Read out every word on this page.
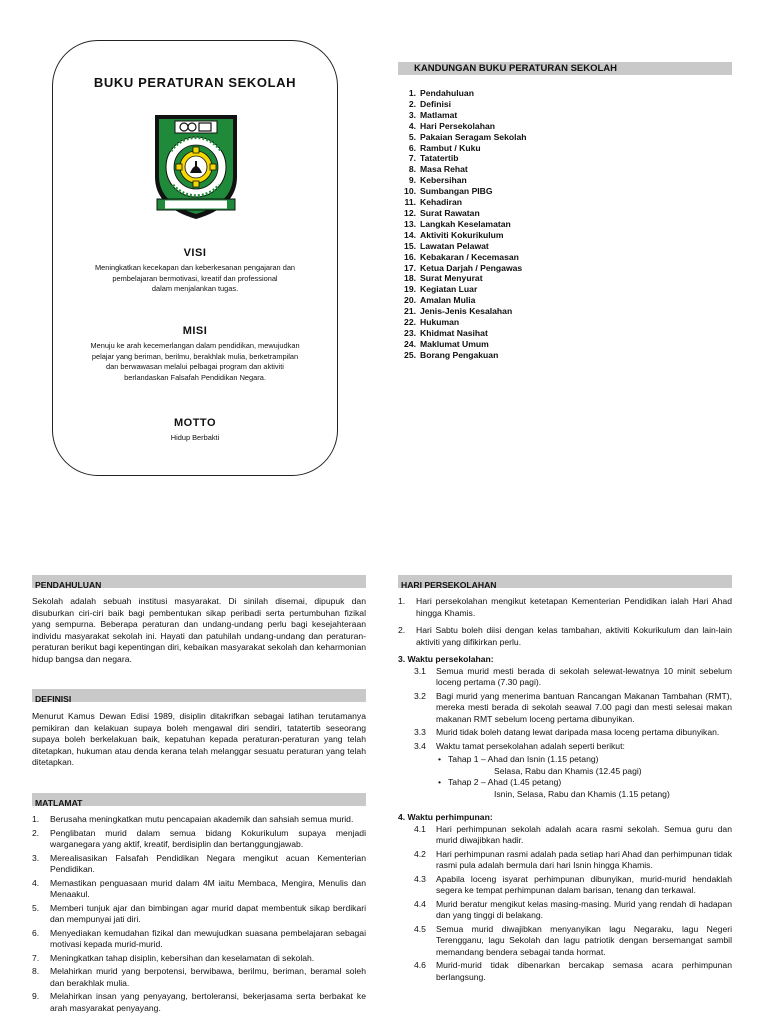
BUKU PERATURAN SEKOLAH
VISI
Meningkatkan kecekapan dan keberkesanan pengajaran dan
pembelajaran bermotivasi, kreatif dan professional
dalam menjalankan tugas.
MISI
Menuju ke arah kecemerlangan dalam pendidikan, mewujudkan
pelajar yang beriman, berilmu, berakhlak mulia, berketrampilan
dan berwawasan melalui pelbagai program dan aktiviti
berlandaskan Falsafah Pendidikan Negara.
MOTTO
Hidup Berbakti
KANDUNGAN BUKU PERATURAN SEKOLAH
1. Pendahuluan
2. Definisi
3. Matlamat
4. Hari Persekolahan
5. Pakaian Seragam Sekolah
6. Rambut / Kuku
7. Tatatertib
8. Masa Rehat
9. Kebersihan
10. Sumbangan PIBG
11. Kehadiran
12. Surat Rawatan
13. Langkah Keselamatan
14. Aktiviti Kokurikulum
15. Lawatan Pelawat
16. Kebakaran / Kecemasan
17. Ketua Darjah / Pengawas
18. Surat Menyurat
19. Kegiatan Luar
20. Amalan Mulia
21. Jenis-Jenis Kesalahan
22. Hukuman
23. Khidmat Nasihat
24. Maklumat Umum
25. Borang Pengakuan
PENDAHULUAN
Sekolah adalah sebuah institusi masyarakat. Di sinilah disemai, dipupuk dan disuburkan ciri-ciri baik bagi pembentukan sikap peribadi serta pertumbuhan fizikal yang sempurna. Beberapa peraturan dan undang-undang perlu bagi kesejahteraan individu masyarakat sekolah ini. Hayati dan patuhilah undang-undang dan peraturan-peraturan berikut bagi kepentingan diri, kebaikan masyarakat sekolah dan keharmonian hidup bangsa dan negara.
DEFINISI
Menurut Kamus Dewan Edisi 1989, disiplin ditakrifkan sebagai latihan terutamanya pemikiran dan kelakuan supaya boleh mengawal diri sendiri, tatatertib seseorang supaya boleh berkelakuan baik, kepatuhan kepada peraturan-peraturan yang telah ditetapkan, hukuman atau denda kerana telah melanggar sesuatu peraturan yang telah ditetapkan.
MATLAMAT
1. Berusaha meningkatkan mutu pencapaian akademik dan sahsiah semua murid.
2. Penglibatan murid dalam semua bidang Kokurikulum supaya menjadi warganegara yang aktif, kreatif, berdisiplin dan bertanggungjawab.
3. Merealisasikan Falsafah Pendidikan Negara mengikut acuan Kementerian Pendidikan.
4. Memastikan penguasaan murid dalam 4M iaitu Membaca, Mengira, Menulis dan Menaakul.
5. Memberi tunjuk ajar dan bimbingan agar murid dapat membentuk sikap berdikari dan mempunyai jati diri.
6. Menyediakan kemudahan fizikal dan mewujudkan suasana pembelajaran sebagai motivasi kepada murid-murid.
7. Meningkatkan tahap disiplin, kebersihan dan keselamatan di sekolah.
8. Melahirkan murid yang berpotensi, berwibawa, berilmu, beriman, beramal soleh dan berakhlak mulia.
9. Melahirkan insan yang penyayang, bertoleransi, bekerjasama serta berbakat ke arah masyarakat penyayang.
HARI PERSEKOLAHAN
1. Hari persekolahan mengikut ketetapan Kementerian Pendidikan ialah Hari Ahad hingga Khamis.
2. Hari Sabtu boleh diisi dengan kelas tambahan, aktiviti Kokurikulum dan lain-lain aktiviti yang difikirkan perlu.
3. Waktu persekolahan:
3.1 Semua murid mesti berada di sekolah selewat-lewatnya 10 minit sebelum loceng pertama (7.30 pagi).
3.2 Bagi murid yang menerima bantuan Rancangan Makanan Tambahan (RMT), mereka mesti berada di sekolah seawal 7.00 pagi dan mesti selesai makan makanan RMT sebelum loceng pertama dibunyikan.
3.3 Murid tidak boleh datang lewat daripada masa loceng pertama dibunyikan.
3.4 Waktu tamat persekolahan adalah seperti berikut:
• Tahap 1 – Ahad dan Isnin (1.15 petang)
Selasa, Rabu dan Khamis (12.45 pagi)
• Tahap 2 – Ahad (1.45 petang)
Isnin, Selasa, Rabu dan Khamis (1.15 petang)
4. Waktu perhimpunan:
4.1 Hari perhimpunan sekolah adalah acara rasmi sekolah. Semua guru dan murid diwajibkan hadir.
4.2 Hari perhimpunan rasmi adalah pada setiap hari Ahad dan perhimpunan tidak rasmi pula adalah bermula dari hari Isnin hingga Khamis.
4.3 Apabila loceng isyarat perhimpunan dibunyikan, murid-murid hendaklah segera ke tempat perhimpunan dalam barisan, tenang dan terkawal.
4.4 Murid beratur mengikut kelas masing-masing. Murid yang rendah di hadapan dan yang tinggi di belakang.
4.5 Semua murid diwajibkan menyanyikan lagu Negaraku, lagu Negeri Terengganu, lagu Sekolah dan lagu patriotik dengan bersemangat sambil memandang bendera sebagai tanda hormat.
4.6 Murid-murid tidak dibenarkan bercakap semasa acara perhimpunan berlangsung.
